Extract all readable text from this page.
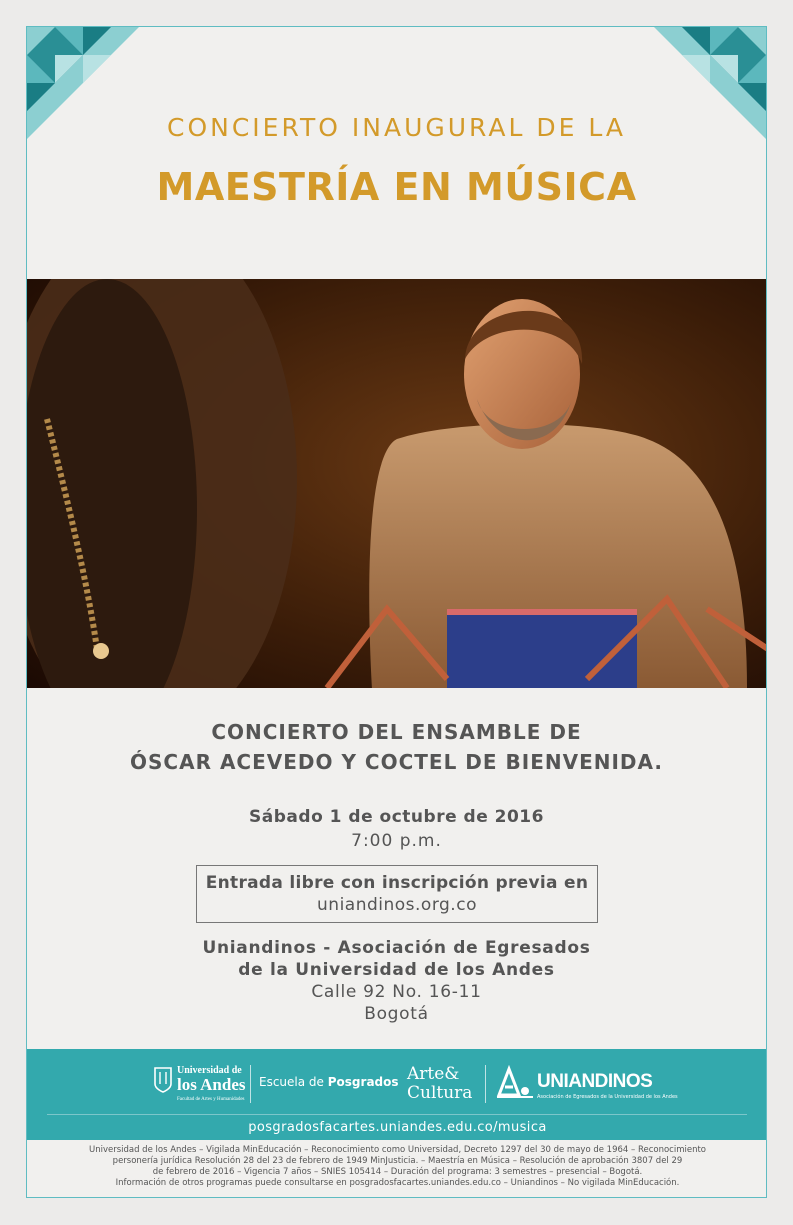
CONCIERTO INAUGURAL DE LA
MAESTRÍA EN MÚSICA
CONCIERTO DEL ENSAMBLE DE
ÓSCAR ACEVEDO Y COCTEL DE BIENVENIDA.
Sábado 1 de octubre de 2016
7:00 p.m.
Entrada libre con inscripción previa en
uniandinos.org.co
Uniandinos - Asociación de Egresados
de la Universidad de los Andes
Calle 92 No. 16-11
Bogotá
Universidad de
los Andes
Facultad de Artes y Humanidades
Escuela de Posgrados Arte&
Cultura
UNIANDINOS
Asociación de Egresados de la Universidad de los Andes
posgradosfacartes.uniandes.edu.co/musica
Universidad de los Andes – Vigilada MinEducación – Reconocimiento como Universidad, Decreto 1297 del 30 de mayo de 1964 – Reconocimiento
personería jurídica Resolución 28 del 23 de febrero de 1949 MinJusticia. – Maestría en Música – Resolución de aprobación 3807 del 29
de febrero de 2016 – Vigencia 7 años – SNIES 105414 – Duración del programa: 3 semestres – presencial – Bogotá.
Información de otros programas puede consultarse en posgradosfacartes.uniandes.edu.co – Uniandinos – No vigilada MinEducación.
